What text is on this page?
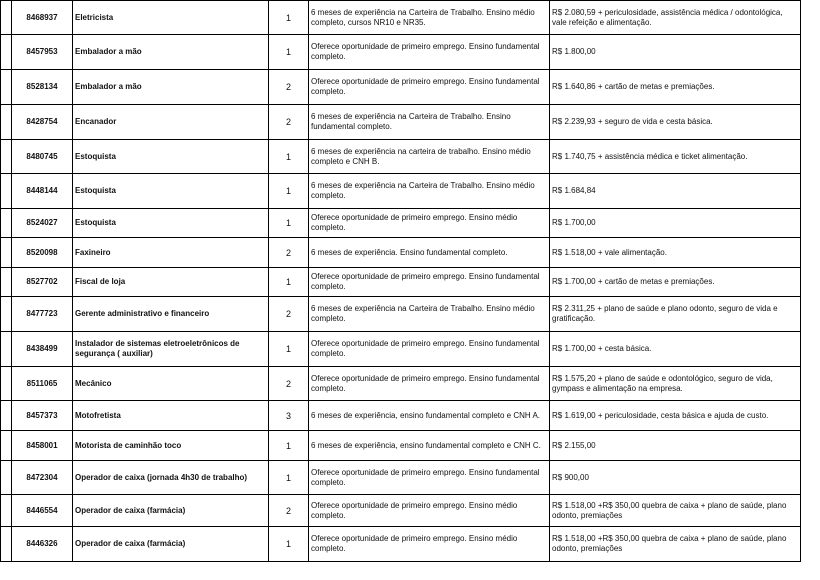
	8468937	Eletricista	1	6 meses de experiência na Carteira de Trabalho. Ensino médio completo, cursos NR10 e NR35.	R$ 2.080,59 + periculosidade, assistência médica / odontológica, vale refeição e alimentação.
	8457953	Embalador a mão	1	Oferece oportunidade de primeiro emprego. Ensino fundamental completo.	R$ 1.800,00
	8528134	Embalador a mão	2	Oferece oportunidade de primeiro emprego. Ensino fundamental completo.	R$ 1.640,86 + cartão de metas e premiações.
	8428754	Encanador	2	6 meses de experiência na Carteira de Trabalho. Ensino fundamental completo.	R$ 2.239,93 + seguro de vida e cesta básica.
	8480745	Estoquista	1	6 meses de experiência na carteira de trabalho. Ensino médio completo e CNH B.	R$ 1.740,75 + assistência médica e ticket alimentação.
	8448144	Estoquista	1	6 meses de experiência na Carteira de Trabalho. Ensino médio completo.	R$ 1.684,84
	8524027	Estoquista	1	Oferece oportunidade de primeiro emprego. Ensino médio completo.	R$ 1.700,00
	8520098	Faxineiro	2	6 meses de experiência. Ensino fundamental completo.	R$ 1.518,00 + vale alimentação.
	8527702	Fiscal de loja	1	Oferece oportunidade de primeiro emprego. Ensino fundamental completo.	R$ 1.700,00 + cartão de metas e premiações.
	8477723	Gerente administrativo e financeiro	2	6 meses de experiência na Carteira de Trabalho. Ensino médio completo.	R$ 2.311,25 + plano de saúde e plano odonto, seguro de vida e gratificação.
	8438499	Instalador de sistemas eletroeletrônicos de segurança ( auxiliar)	1	Oferece oportunidade de primeiro emprego. Ensino fundamental completo.	R$ 1.700,00 + cesta básica.
	8511065	Mecânico	2	Oferece oportunidade de primeiro emprego. Ensino fundamental completo.	R$ 1.575,20 + plano de saúde e odontológico, seguro de vida, gympass e alimentação na empresa.
	8457373	Motofretista	3	6 meses de experiência, ensino fundamental completo e CNH A.	R$ 1.619,00 + periculosidade, cesta básica e ajuda de custo.
	8458001	Motorista de caminhão toco	1	6 meses de experiência, ensino fundamental completo e CNH C.	R$ 2.155,00
	8472304	Operador de caixa (jornada 4h30 de trabalho)	1	Oferece oportunidade de primeiro emprego. Ensino fundamental completo.	R$ 900,00
	8446554	Operador de caixa (farmácia)	2	Oferece oportunidade de primeiro emprego. Ensino médio completo.	R$ 1.518,00 +R$ 350,00 quebra de caixa + plano de saúde, plano odonto, premiações
	8446326	Operador de caixa (farmácia)	1	Oferece oportunidade de primeiro emprego. Ensino médio completo.	R$ 1.518,00 +R$ 350,00 quebra de caixa + plano de saúde, plano odonto, premiações
